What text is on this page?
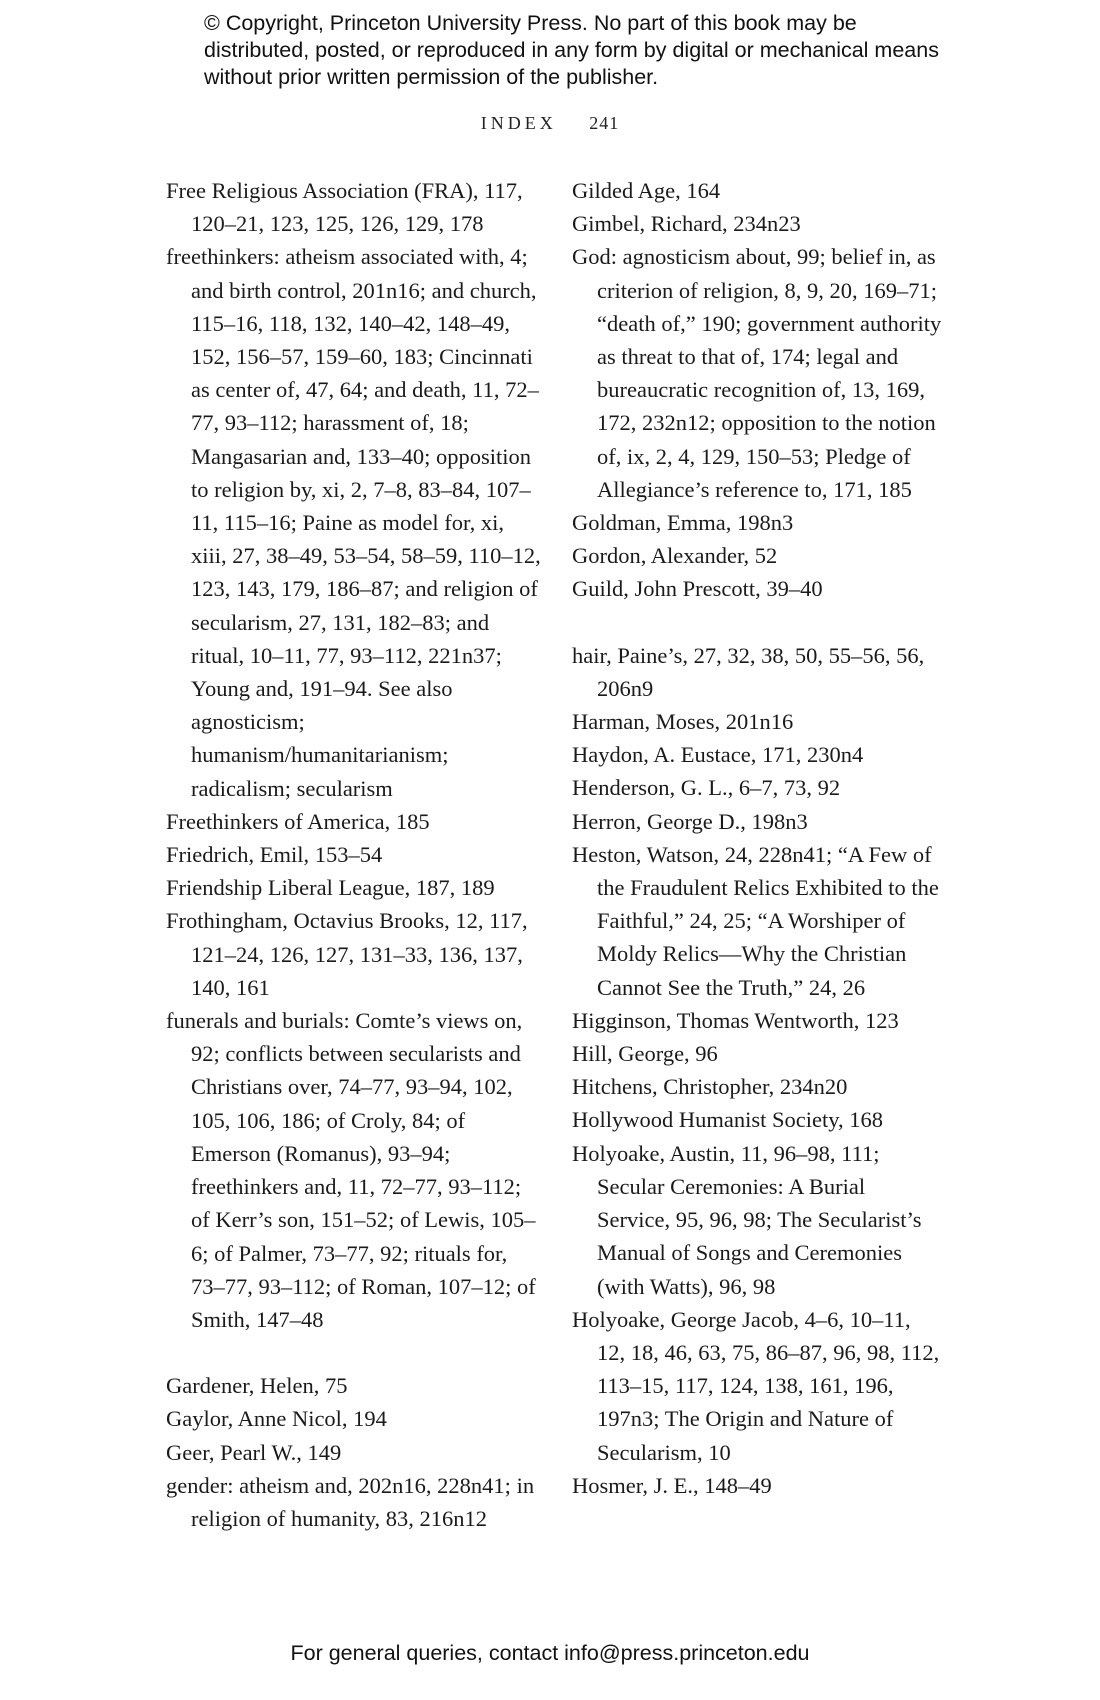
© Copyright, Princeton University Press. No part of this book may be distributed, posted, or reproduced in any form by digital or mechanical means without prior written permission of the publisher.
INDEX 241
Free Religious Association (FRA), 117, 120–21, 123, 125, 126, 129, 178
freethinkers: atheism associated with, 4; and birth control, 201n16; and church, 115–16, 118, 132, 140–42, 148–49, 152, 156–57, 159–60, 183; Cincinnati as center of, 47, 64; and death, 11, 72–77, 93–112; harassment of, 18; Mangasarian and, 133–40; opposition to religion by, xi, 2, 7–8, 83–84, 107–11, 115–16; Paine as model for, xi, xiii, 27, 38–49, 53–54, 58–59, 110–12, 123, 143, 179, 186–87; and religion of secularism, 27, 131, 182–83; and ritual, 10–11, 77, 93–112, 221n37; Young and, 191–94. See also agnosticism; humanism/humanitarianism; radicalism; secularism
Freethinkers of America, 185
Friedrich, Emil, 153–54
Friendship Liberal League, 187, 189
Frothingham, Octavius Brooks, 12, 117, 121–24, 126, 127, 131–33, 136, 137, 140, 161
funerals and burials: Comte’s views on, 92; conflicts between secularists and Christians over, 74–77, 93–94, 102, 105, 106, 186; of Croly, 84; of Emerson (Romanus), 93–94; freethinkers and, 11, 72–77, 93–112; of Kerr’s son, 151–52; of Lewis, 105–6; of Palmer, 73–77, 92; rituals for, 73–77, 93–112; of Roman, 107–12; of Smith, 147–48
Gardener, Helen, 75
Gaylor, Anne Nicol, 194
Geer, Pearl W., 149
gender: atheism and, 202n16, 228n41; in religion of humanity, 83, 216n12
Gilded Age, 164
Gimbel, Richard, 234n23
God: agnosticism about, 99; belief in, as criterion of religion, 8, 9, 20, 169–71; “death of,” 190; government authority as threat to that of, 174; legal and bureaucratic recognition of, 13, 169, 172, 232n12; opposition to the notion of, ix, 2, 4, 129, 150–53; Pledge of Allegiance’s reference to, 171, 185
Goldman, Emma, 198n3
Gordon, Alexander, 52
Guild, John Prescott, 39–40
hair, Paine’s, 27, 32, 38, 50, 55–56, 56, 206n9
Harman, Moses, 201n16
Haydon, A. Eustace, 171, 230n4
Henderson, G. L., 6–7, 73, 92
Herron, George D., 198n3
Heston, Watson, 24, 228n41; “A Few of the Fraudulent Relics Exhibited to the Faithful,” 24, 25; “A Worshiper of Moldy Relics—Why the Christian Cannot See the Truth,” 24, 26
Higginson, Thomas Wentworth, 123
Hill, George, 96
Hitchens, Christopher, 234n20
Hollywood Humanist Society, 168
Holyoake, Austin, 11, 96–98, 111; Secular Ceremonies: A Burial Service, 95, 96, 98; The Secularist’s Manual of Songs and Ceremonies (with Watts), 96, 98
Holyoake, George Jacob, 4–6, 10–11, 12, 18, 46, 63, 75, 86–87, 96, 98, 112, 113–15, 117, 124, 138, 161, 196, 197n3; The Origin and Nature of Secularism, 10
Hosmer, J. E., 148–49
For general queries, contact info@press.princeton.edu
